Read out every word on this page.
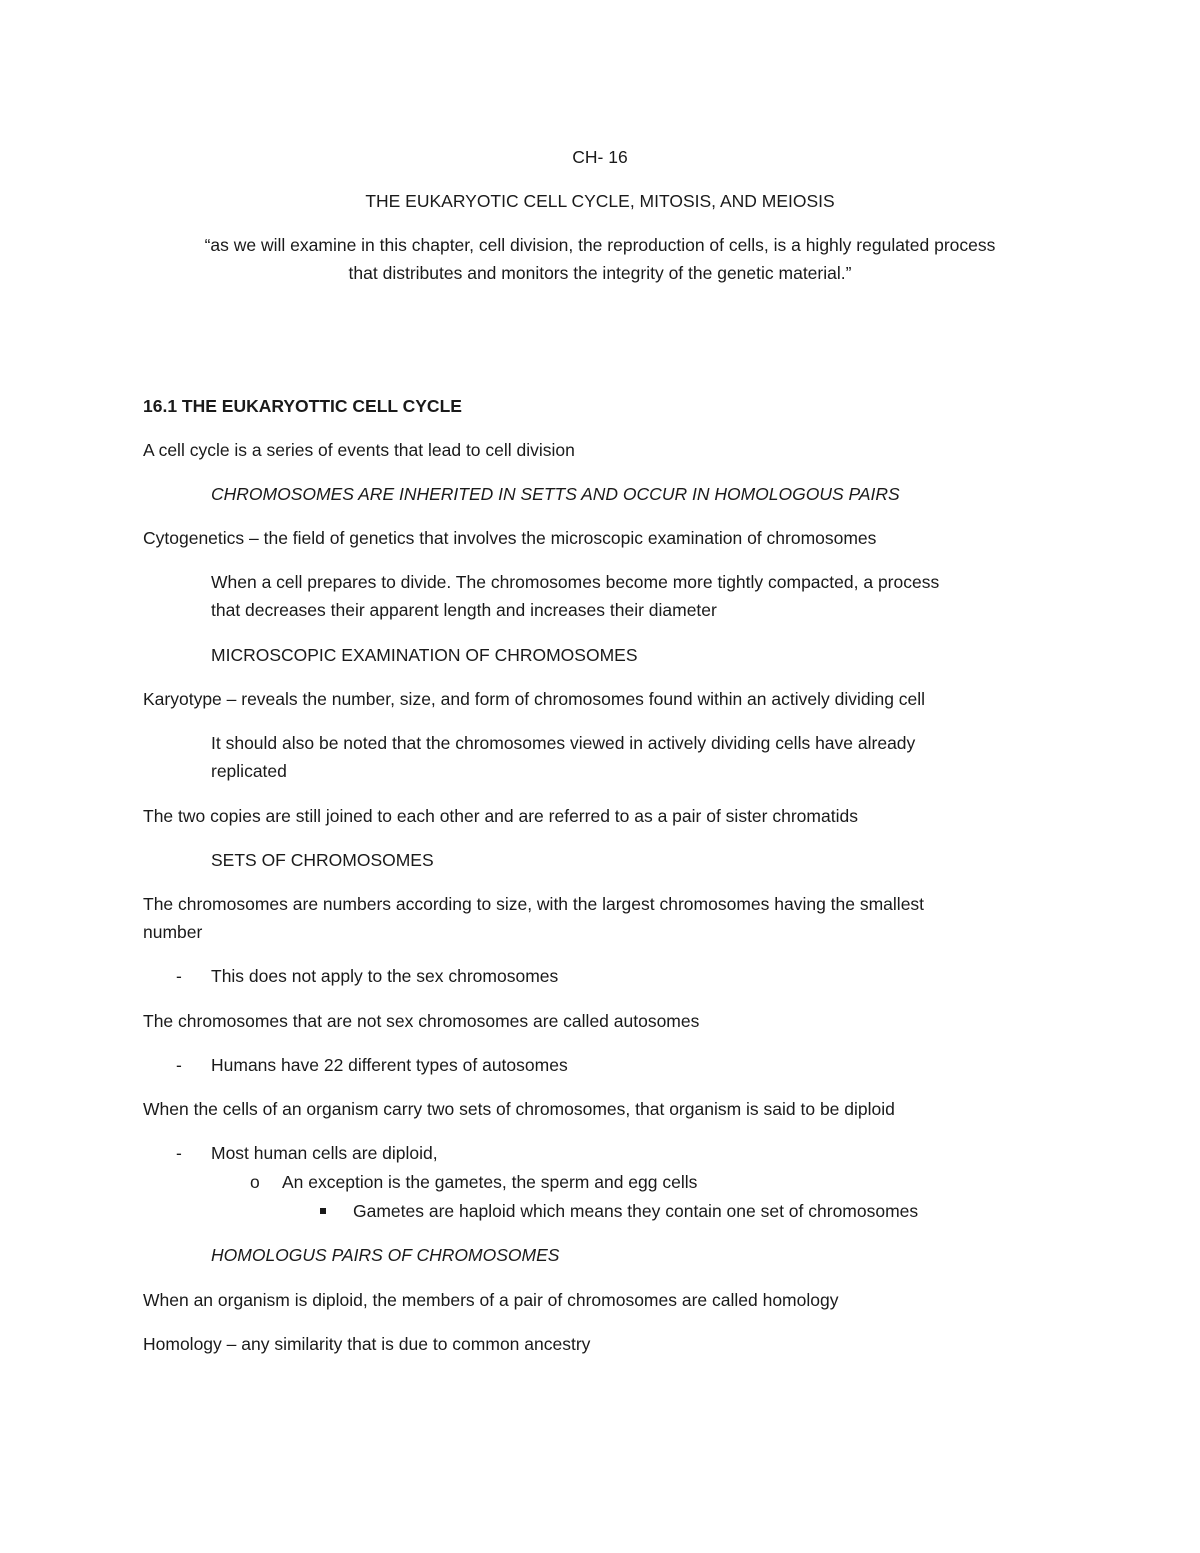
CH- 16
THE EUKARYOTIC CELL CYCLE, MITOSIS, AND MEIOSIS
“as we will examine in this chapter, cell division, the reproduction of cells, is a highly regulated process
that distributes and monitors the integrity of the genetic material.”
16.1 THE EUKARYOTTIC CELL CYCLE
A cell cycle is a series of events that lead to cell division
CHROMOSOMES ARE INHERITED IN SETTS AND OCCUR IN HOMOLOGOUS PAIRS
Cytogenetics – the field of genetics that involves the microscopic examination of chromosomes
When a cell prepares to divide. The chromosomes become more tightly compacted, a process
that decreases their apparent length and increases their diameter
MICROSCOPIC EXAMINATION OF CHROMOSOMES
Karyotype – reveals the number, size, and form of chromosomes found within an actively dividing cell
It should also be noted that the chromosomes viewed in actively dividing cells have already
replicated
The two copies are still joined to each other and are referred to as a pair of sister chromatids
SETS OF CHROMOSOMES
The chromosomes are numbers according to size, with the largest chromosomes having the smallest
number
- This does not apply to the sex chromosomes
The chromosomes that are not sex chromosomes are called autosomes
- Humans have 22 different types of autosomes
When the cells of an organism carry two sets of chromosomes, that organism is said to be diploid
- Most human cells are diploid,
o An exception is the gametes, the sperm and egg cells
Gametes are haploid which means they contain one set of chromosomes
HOMOLOGUS PAIRS OF CHROMOSOMES
When an organism is diploid, the members of a pair of chromosomes are called homology
Homology – any similarity that is due to common ancestry
